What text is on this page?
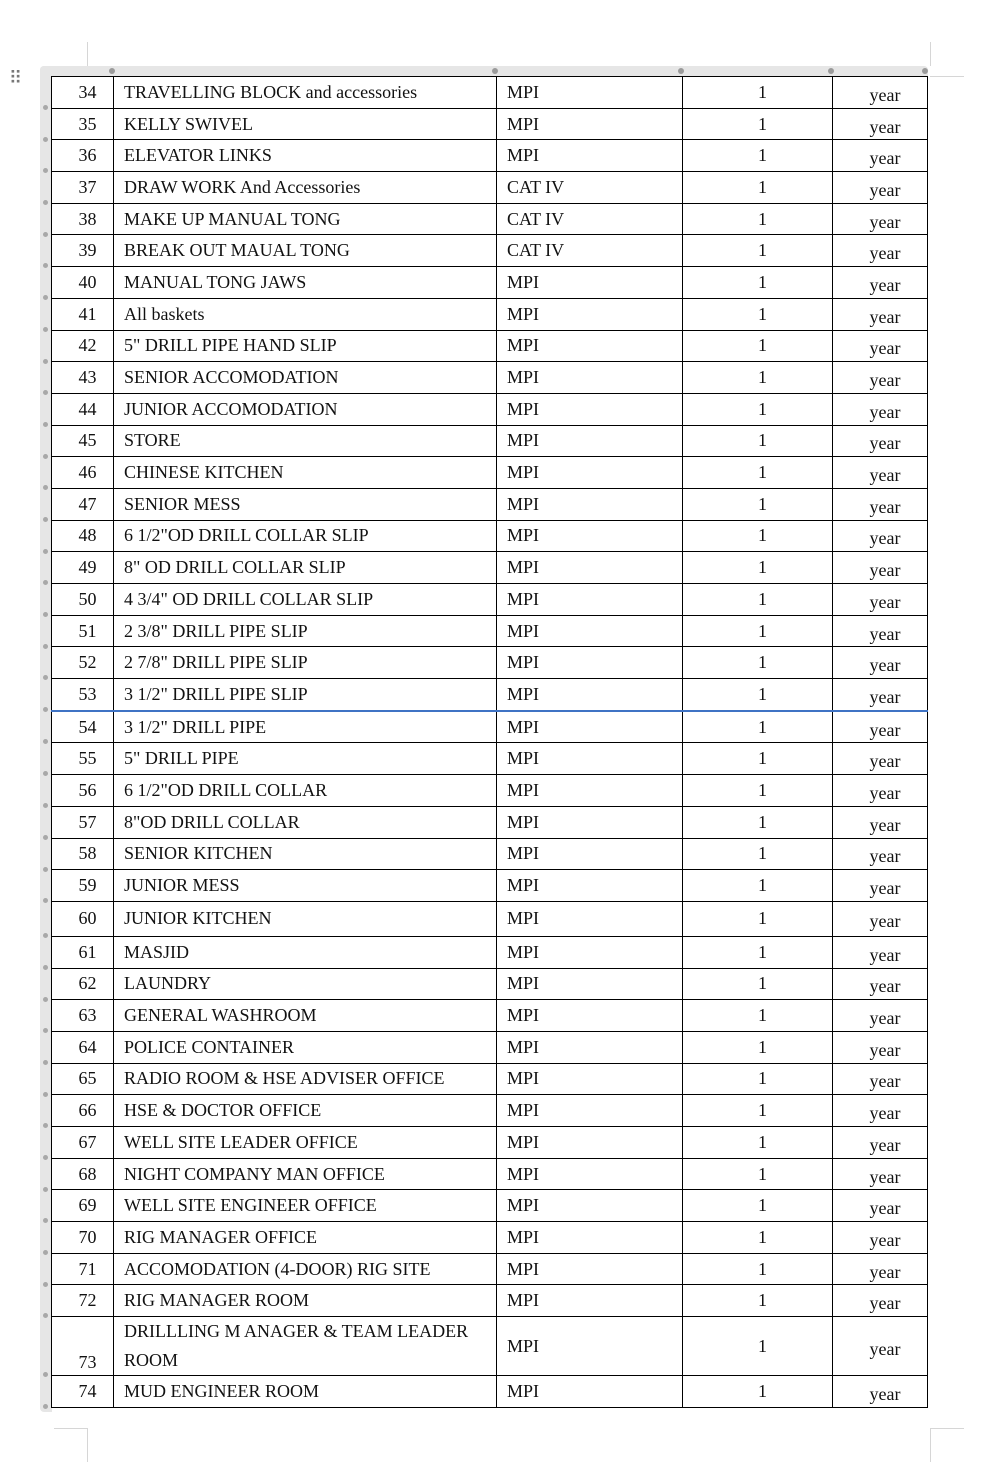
⠿
34	TRAVELLING BLOCK and accessories	MPI	1	year
35	KELLY SWIVEL	MPI	1	year
36	ELEVATOR LINKS	MPI	1	year
37	DRAW WORK And Accessories	CAT IV	1	year
38	MAKE UP MANUAL TONG	CAT IV	1	year
39	BREAK OUT MAUAL TONG	CAT IV	1	year
40	MANUAL TONG JAWS	MPI	1	year
41	All baskets	MPI	1	year
42	5" DRILL PIPE HAND SLIP	MPI	1	year
43	SENIOR ACCOMODATION	MPI	1	year
44	JUNIOR ACCOMODATION	MPI	1	year
45	STORE	MPI	1	year
46	CHINESE KITCHEN	MPI	1	year
47	SENIOR MESS	MPI	1	year
48	6 1/2"OD DRILL COLLAR SLIP	MPI	1	year
49	8" OD DRILL COLLAR SLIP	MPI	1	year
50	4 3/4" OD DRILL COLLAR SLIP	MPI	1	year
51	2 3/8" DRILL PIPE SLIP	MPI	1	year
52	2 7/8" DRILL PIPE SLIP	MPI	1	year
53	3 1/2" DRILL PIPE SLIP	MPI	1	year
54	3 1/2" DRILL PIPE	MPI	1	year
55	5" DRILL PIPE	MPI	1	year
56	6 1/2"OD DRILL COLLAR	MPI	1	year
57	8"OD DRILL COLLAR	MPI	1	year
58	SENIOR KITCHEN	MPI	1	year
59	JUNIOR MESS	MPI	1	year
60	JUNIOR KITCHEN	MPI	1	year
61	MASJID	MPI	1	year
62	LAUNDRY	MPI	1	year
63	GENERAL WASHROOM	MPI	1	year
64	POLICE CONTAINER	MPI	1	year
65	RADIO ROOM & HSE ADVISER OFFICE	MPI	1	year
66	HSE & DOCTOR OFFICE	MPI	1	year
67	WELL SITE LEADER OFFICE	MPI	1	year
68	NIGHT COMPANY MAN OFFICE	MPI	1	year
69	WELL SITE ENGINEER OFFICE	MPI	1	year
70	RIG MANAGER OFFICE	MPI	1	year
71	ACCOMODATION (4-DOOR) RIG SITE	MPI	1	year
72	RIG MANAGER ROOM	MPI	1	year
73	DRILLLING M ANAGER & TEAM LEADER ROOM	MPI	1	year
74	MUD ENGINEER ROOM	MPI	1	year
